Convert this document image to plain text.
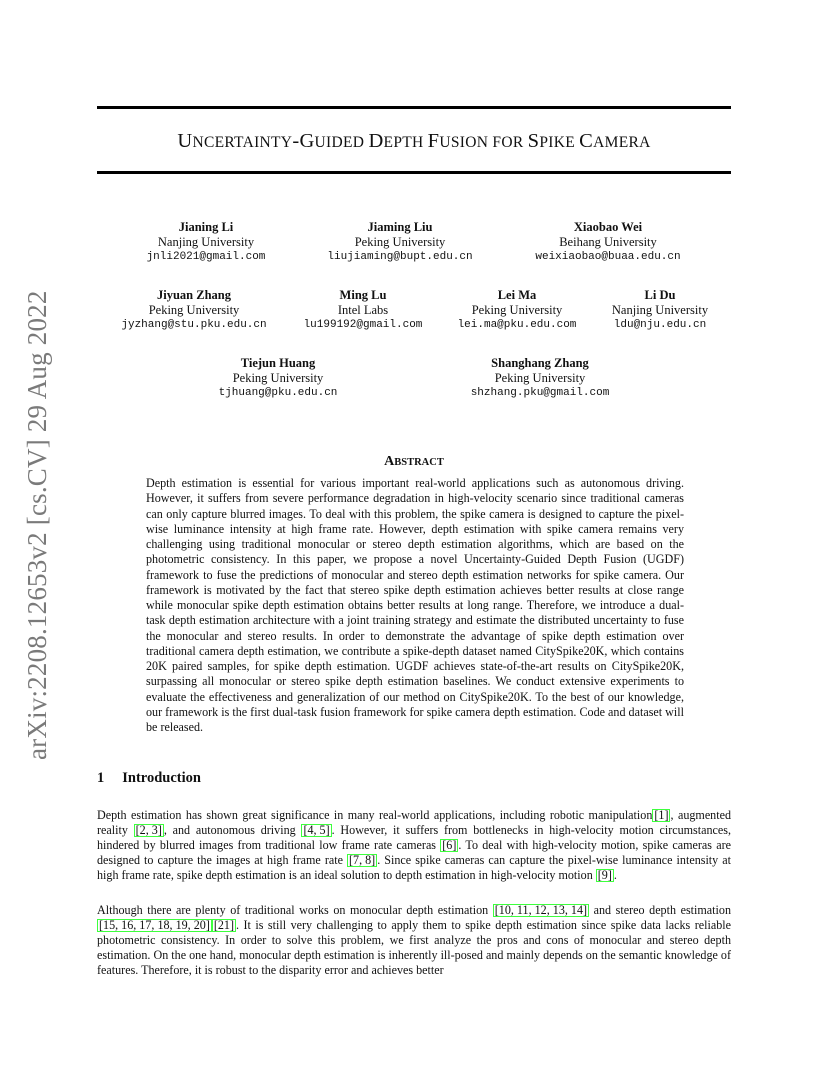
arXiv:2208.12653v2 [cs.CV] 29 Aug 2022
UNCERTAINTY-GUIDED DEPTH FUSION FOR SPIKE CAMERA
Jianing Li
Nanjing University
jnli2021@gmail.com
Jiaming Liu
Peking University
liujiaming@bupt.edu.cn
Xiaobao Wei
Beihang University
weixiaobao@buaa.edu.cn
Jiyuan Zhang
Peking University
jyzhang@stu.pku.edu.cn
Ming Lu
Intel Labs
lu199192@gmail.com
Lei Ma
Peking University
lei.ma@pku.edu.com
Li Du
Nanjing University
ldu@nju.edu.cn
Tiejun Huang
Peking University
tjhuang@pku.edu.cn
Shanghang Zhang
Peking University
shzhang.pku@gmail.com
ABSTRACT
Depth estimation is essential for various important real-world applications such as autonomous driving. However, it suffers from severe performance degradation in high-velocity scenario since traditional cameras can only capture blurred images. To deal with this problem, the spike camera is designed to capture the pixel-wise luminance intensity at high frame rate. However, depth estimation with spike camera remains very challenging using traditional monocular or stereo depth estimation algorithms, which are based on the photometric consistency. In this paper, we propose a novel Uncertainty-Guided Depth Fusion (UGDF) framework to fuse the predictions of monocular and stereo depth estimation networks for spike camera. Our framework is motivated by the fact that stereo spike depth estimation achieves better results at close range while monocular spike depth estimation obtains better results at long range. Therefore, we introduce a dual-task depth estimation architecture with a joint training strategy and estimate the distributed uncertainty to fuse the monocular and stereo results. In order to demonstrate the advantage of spike depth estimation over traditional camera depth estimation, we contribute a spike-depth dataset named CitySpike20K, which contains 20K paired samples, for spike depth estimation. UGDF achieves state-of-the-art results on CitySpike20K, surpassing all monocular or stereo spike depth estimation baselines. We conduct extensive experiments to evaluate the effectiveness and generalization of our method on CitySpike20K. To the best of our knowledge, our framework is the first dual-task fusion framework for spike camera depth estimation. Code and dataset will be released.
1 Introduction
Depth estimation has shown great significance in many real-world applications, including robotic manipulation [1] , augmented reality [2, 3] , and autonomous driving [4, 5] . However, it suffers from bottlenecks in high-velocity motion circumstances, hindered by blurred images from traditional low frame rate cameras [6] . To deal with high-velocity motion, spike cameras are designed to capture the images at high frame rate [7, 8] . Since spike cameras can capture the pixel-wise luminance intensity at high frame rate, spike depth estimation is an ideal solution to depth estimation in high-velocity motion [9] .
Although there are plenty of traditional works on monocular depth estimation [10, 11, 12, 13, 14] and stereo depth estimation [15, 16, 17, 18, 19, 20] [21] . It is still very challenging to apply them to spike depth estimation since spike data lacks reliable photometric consistency. In order to solve this problem, we first analyze the pros and cons of monocular and stereo depth estimation. On the one hand, monocular depth estimation is inherently ill-posed and mainly depends on the semantic knowledge of features. Therefore, it is robust to the disparity error and achieves better
